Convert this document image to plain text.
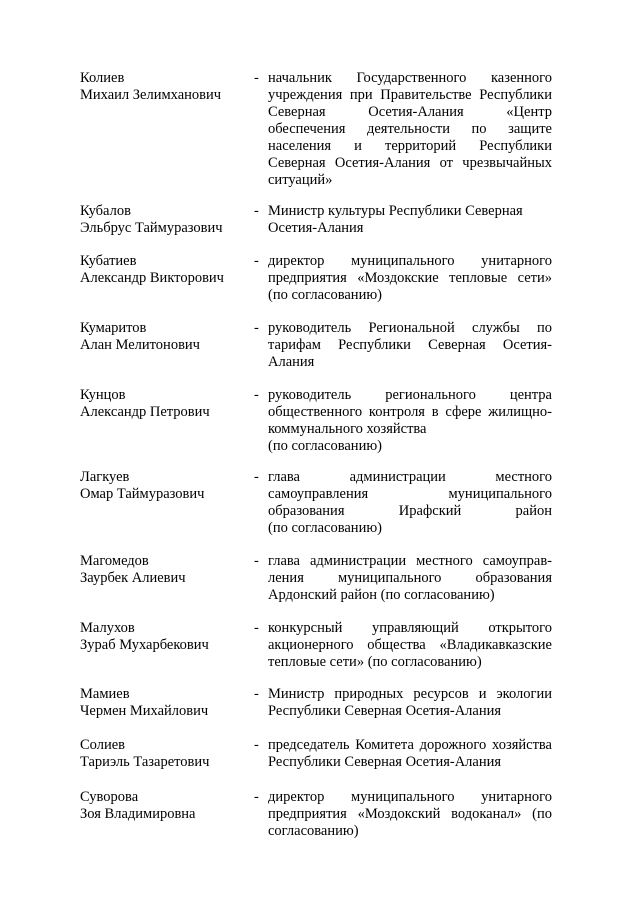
Колиев
Михаил Зелимханович
- начальник Государственного казенного
учреждения при Правительстве Республики
Северная Осетия-Алания «Центр
обеспечения деятельности по защите
населения и территорий Республики
Северная Осетия-Алания от чрезвычайных
ситуаций»
Кубалов
Эльбрус Таймуразович
- Министр культуры Республики Северная
Осетия-Алания
Кубатиев
Александр Викторович
- директор муниципального унитарного
предприятия «Моздокские тепловые сети»
(по согласованию)
Кумаритов
Алан Мелитонович
- руководитель Региональной службы по
тарифам Республики Северная Осетия-
Алания
Кунцов
Александр Петрович
- руководитель регионального центра
общественного контроля в сфере жилищно-
коммунального хозяйства
(по согласованию)
Лагкуев
Омар Таймуразович
- глава администрации местного
самоуправления муниципального
образования Ирафский район
(по согласованию)
Магомедов
Заурбек Алиевич
- глава администрации местного самоуправ-
ления муниципального образования
Ардонский район (по согласованию)
Малухов
Зураб Мухарбекович
- конкурсный управляющий открытого
акционерного общества «Владикавказские
тепловые сети» (по согласованию)
Мамиев
Чермен Михайлович
- Министр природных ресурсов и экологии
Республики Северная Осетия-Алания
Солиев
Тариэль Тазаретович
- председатель Комитета дорожного хозяйства
Республики Северная Осетия-Алания
Суворова
Зоя Владимировна
- директор муниципального унитарного
предприятия «Моздокский водоканал» (по
согласованию)
